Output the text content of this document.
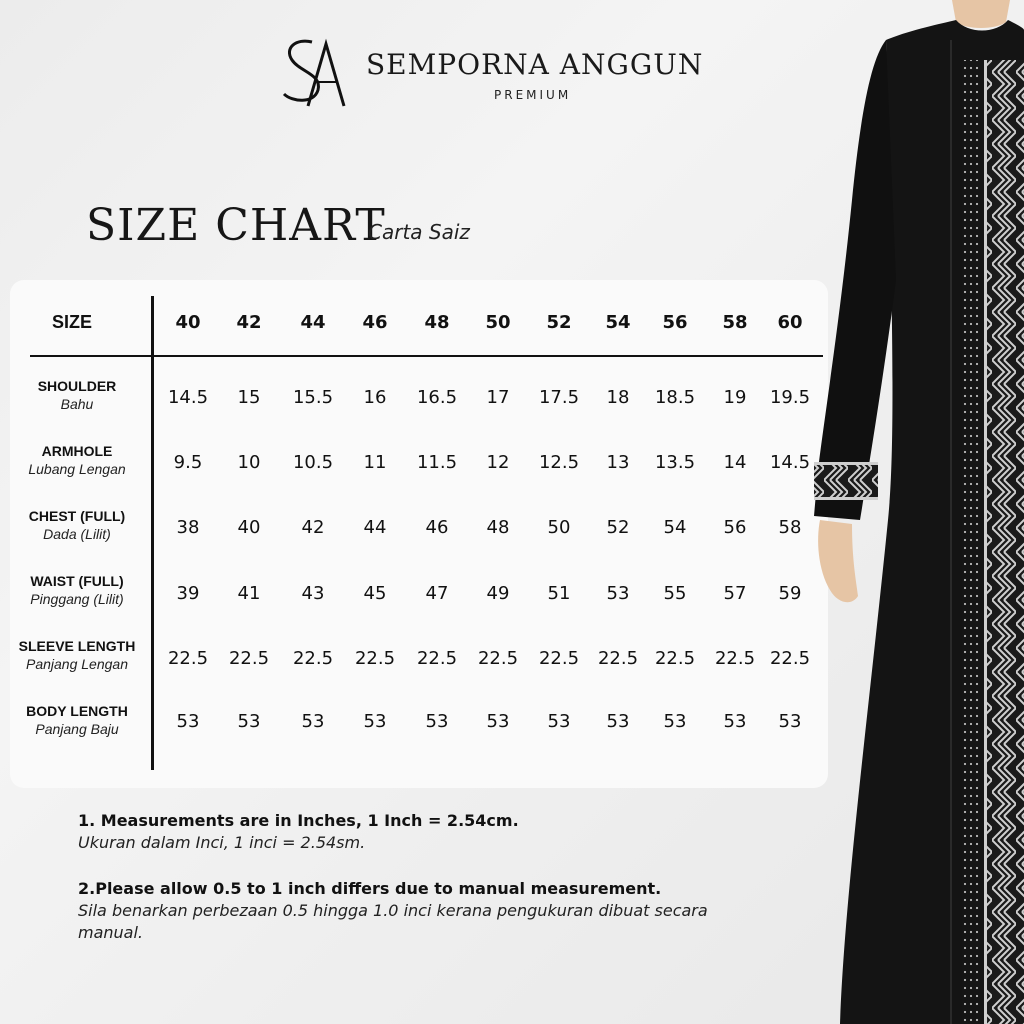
SEMPORNA ANGGUN
PREMIUM
SIZE CHART
Carta Saiz
SIZE	40 42 44 46 48 50 52 54 56 58 60
SHOULDER
Bahu	14.5 15 15.5 16 16.5 17 17.5 18 18.5 19 19.5
ARMHOLE
Lubang Lengan	9.5 10 10.5 11 11.5 12 12.5 13 13.5 14 14.5
CHEST (FULL)
Dada (Lilit)	38 40 42 44 46 48 50 52 54 56 58
WAIST (FULL)
Pinggang (Lilit)	39 41 43 45 47 49 51 53 55 57 59
SLEEVE LENGTH
Panjang Lengan	22.5 22.5 22.5 22.5 22.5 22.5 22.5 22.5 22.5 22.5 22.5
BODY LENGTH
Panjang Baju	53 53 53 53 53 53 53 53 53 53 53
1. Measurements are in Inches, 1 Inch = 2.54cm.
Ukuran dalam Inci, 1 inci = 2.54sm.
2.Please allow 0.5 to 1 inch differs due to manual measurement.
Sila benarkan perbezaan 0.5 hingga 1.0 inci kerana pengukuran dibuat secara manual.
